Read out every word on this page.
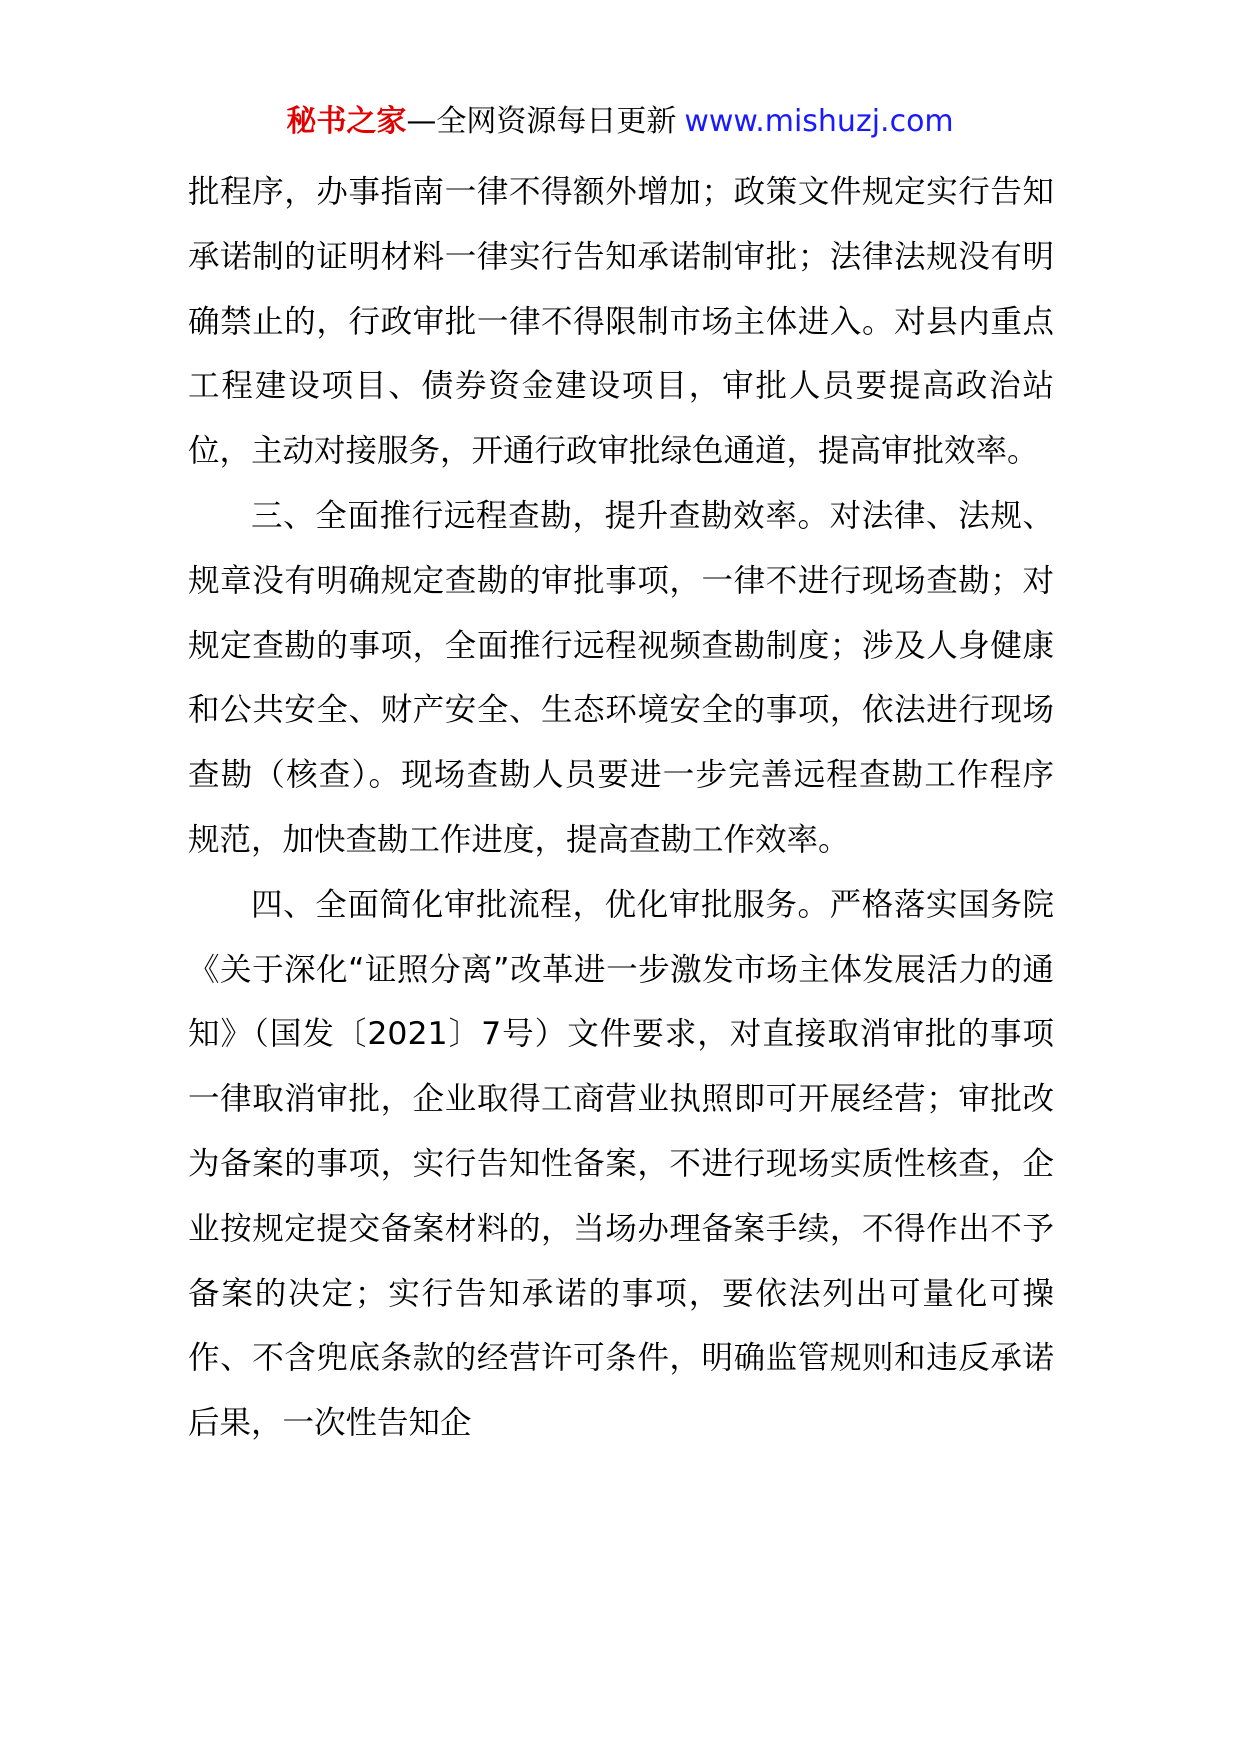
秘书之家—全网资源每日更新 www.mishuzj.com

批程序，办事指南一律不得额外增加；政策文件规定实行告知承诺制的证明材料一律实行告知承诺制审批；法律法规没有明确禁止的，行政审批一律不得限制市场主体进入。对县内重点工程建设项目、债券资金建设项目，审批人员要提高政治站位，主动对接服务，开通行政审批绿色通道，提高审批效率。

三、全面推行远程查勘，提升查勘效率。对法律、法规、规章没有明确规定查勘的审批事项，一律不进行现场查勘；对规定查勘的事项，全面推行远程视频查勘制度；涉及人身健康和公共安全、财产安全、生态环境安全的事项，依法进行现场查勘（核查）。现场查勘人员要进一步完善远程查勘工作程序规范，加快查勘工作进度，提高查勘工作效率。

四、全面简化审批流程，优化审批服务。严格落实国务院《关于深化“证照分离”改革进一步激发市场主体发展活力的通知》（国发〔2021〕7号）文件要求，对直接取消审批的事项一律取消审批，企业取得工商营业执照即可开展经营；审批改为备案的事项，实行告知性备案，不进行现场实质性核查，企业按规定提交备案材料的，当场办理备案手续，不得作出不予备案的决定；实行告知承诺的事项，要依法列出可量化可操作、不含兜底条款的经营许可条件，明确监管规则和违反承诺后果，一次性告知企
